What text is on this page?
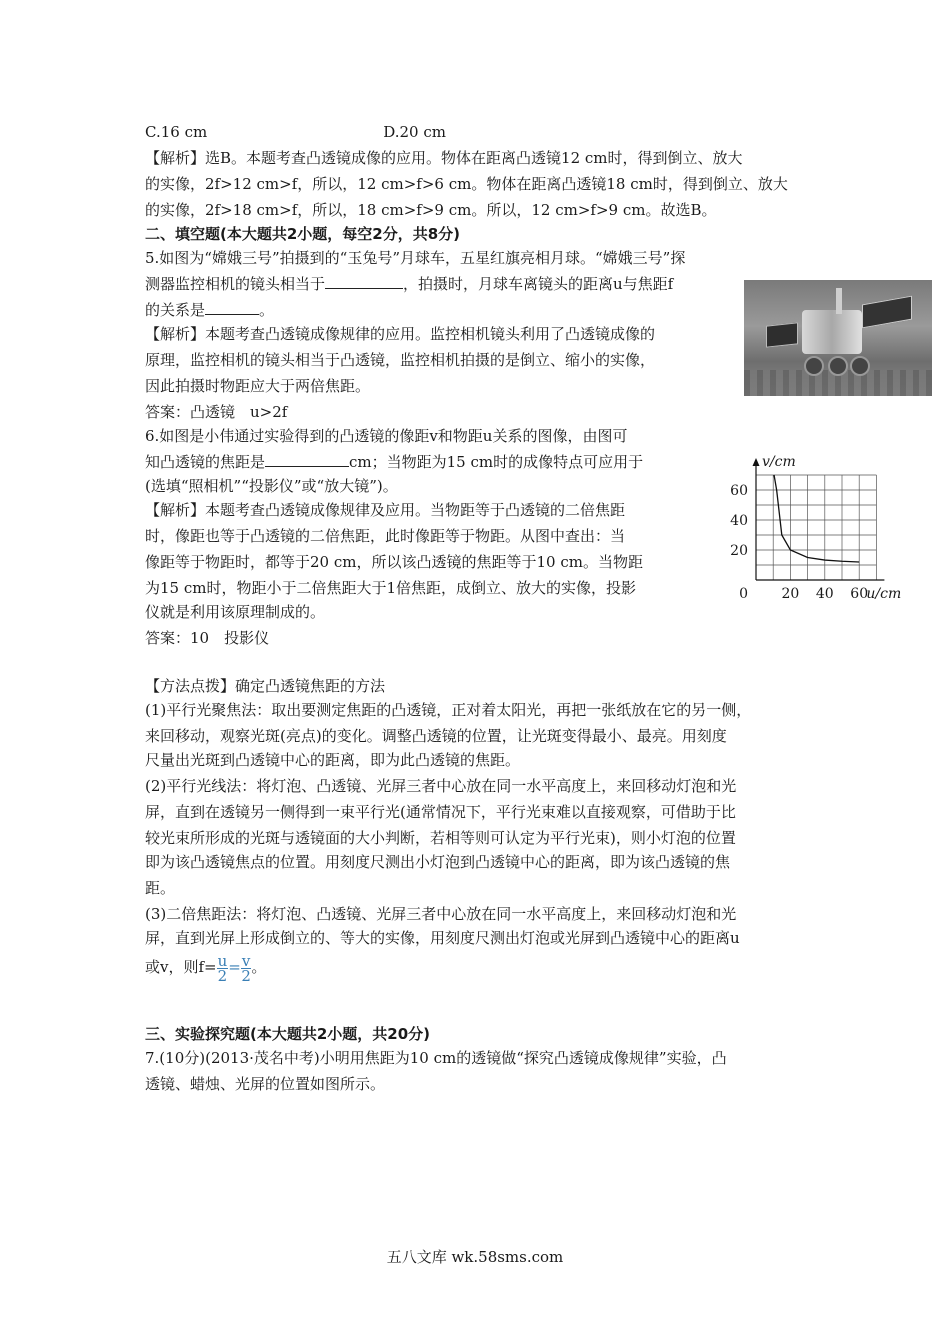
C.16 cm	D.20 cm
【解析】选B。本题考查凸透镜成像的应用。物体在距离凸透镜12 cm时，得到倒立、放大
的实像，2f>12 cm>f，所以，12 cm>f>6 cm。物体在距离凸透镜18 cm时，得到倒立、放大
的实像，2f>18 cm>f，所以，18 cm>f>9 cm。所以，12 cm>f>9 cm。故选B。
二、填空题(本大题共2小题，每空2分，共8分)
5.如图为“嫦娥三号”拍摄到的“玉兔号”月球车，五星红旗亮相月球。“嫦娥三号”探
测器监控相机的镜头相当于	，拍摄时，月球车离镜头的距离u与焦距f
的关系是	。
【解析】本题考查凸透镜成像规律的应用。监控相机镜头利用了凸透镜成像的
原理，监控相机的镜头相当于凸透镜，监控相机拍摄的是倒立、缩小的实像，
因此拍摄时物距应大于两倍焦距。
答案：凸透镜　u>2f
6.如图是小伟通过实验得到的凸透镜的像距v和物距u关系的图像，由图可
知凸透镜的焦距是	cm；当物距为15 cm时的成像特点可应用于
(选填“照相机”“投影仪”或“放大镜”)。
【解析】本题考查凸透镜成像规律及应用。当物距等于凸透镜的二倍焦距
时，像距也等于凸透镜的二倍焦距，此时像距等于物距。从图中查出：当
像距等于物距时，都等于20 cm，所以该凸透镜的焦距等于10 cm。当物距
为15 cm时，物距小于二倍焦距大于1倍焦距，成倒立、放大的实像，投影
仪就是利用该原理制成的。
答案：10　投影仪
20 40 60
20
40
60
0
v/cm
u/cm
【方法点拨】确定凸透镜焦距的方法
(1)平行光聚焦法：取出要测定焦距的凸透镜，正对着太阳光，再把一张纸放在它的另一侧，
来回移动，观察光斑(亮点)的变化。调整凸透镜的位置，让光斑变得最小、最亮。用刻度
尺量出光斑到凸透镜中心的距离，即为此凸透镜的焦距。
(2)平行光线法：将灯泡、凸透镜、光屏三者中心放在同一水平高度上，来回移动灯泡和光
屏，直到在透镜另一侧得到一束平行光(通常情况下，平行光束难以直接观察，可借助于比
较光束所形成的光斑与透镜面的大小判断，若相等则可认定为平行光束)，则小灯泡的位置
即为该凸透镜焦点的位置。用刻度尺测出小灯泡到凸透镜中心的距离，即为该凸透镜的焦
距。
(3)二倍焦距法：将灯泡、凸透镜、光屏三者中心放在同一水平高度上，来回移动灯泡和光
屏，直到光屏上形成倒立的、等大的实像，用刻度尺测出灯泡或光屏到凸透镜中心的距离u
或v，则$f= \frac{u}{2} = \frac{v}{2}$ 。
三、实验探究题(本大题共2小题，共20分)
7.(10分)(2013·茂名中考)小明用焦距为10 cm的透镜做“探究凸透镜成像规律”实验，凸
透镜、蜡烛、光屏的位置如图所示。
五八文库 wk.58sms.com
